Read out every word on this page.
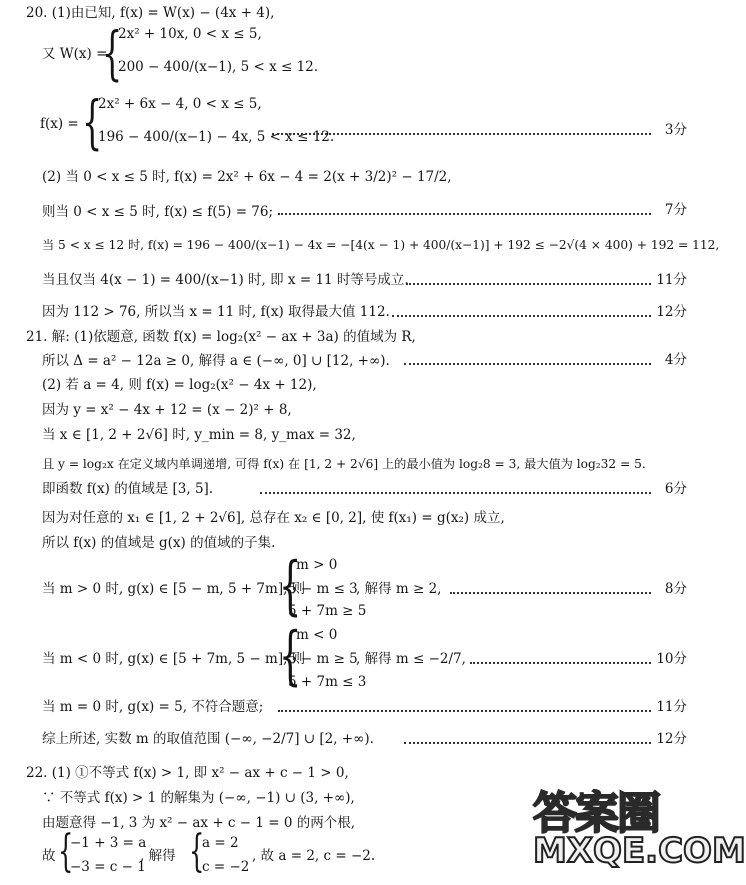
20. (1)由已知, f(x) = W(x) − (4x + 4),
又 W(x) =
{
2x² + 10x, 0 < x ≤ 5,
200 − 400/(x−1), 5 < x ≤ 12.
f(x) = {
2x² + 6x − 4, 0 < x ≤ 5,
196 − 400/(x−1) − 4x, 5 < x ≤ 12.	3分
(2) 当 0 < x ≤ 5 时, f(x) = 2x² + 6x − 4 = 2(x + 3/2)² − 17/2,
则当 0 < x ≤ 5 时, f(x) ≤ f(5) = 76;	7分
当 5 < x ≤ 12 时, f(x) = 196 − 400/(x−1) − 4x = −[4(x − 1) + 400/(x−1)] + 192 ≤ −2√(4 × 400) + 192 = 112,
当且仅当 4(x − 1) = 400/(x−1) 时, 即 x = 11 时等号成立.	11分
因为 112 > 76, 所以当 x = 11 时, f(x) 取得最大值 112.	12分
21. 解: (1)依题意, 函数 f(x) = log₂(x² − ax + 3a) 的值域为 R,
所以 Δ = a² − 12a ≥ 0, 解得 a ∈ (−∞, 0] ∪ [12, +∞).	4分
(2) 若 a = 4, 则 f(x) = log₂(x² − 4x + 12),
因为 y = x² − 4x + 12 = (x − 2)² + 8,
当 x ∈ [1, 2 + 2√6] 时, y_min = 8, y_max = 32,
且 y = log₂x 在定义域内单调递增, 可得 f(x) 在 [1, 2 + 2√6] 上的最小值为 log₂8 = 3, 最大值为 log₂32 = 5.
即函数 f(x) 的值域是 [3, 5].	6分
因为对任意的 x₁ ∈ [1, 2 + 2√6], 总存在 x₂ ∈ [0, 2], 使 f(x₁) = g(x₂) 成立,
所以 f(x) 的值域是 g(x) 的值域的子集.
当 m > 0 时, g(x) ∈ [5 − m, 5 + 7m], 则
{
m > 0
5 − m ≤ 3
5 + 7m ≥ 5
, 解得 m ≥ 2,	8分
当 m < 0 时, g(x) ∈ [5 + 7m, 5 − m], 则
{
m < 0
5 − m ≥ 5
5 + 7m ≤ 3
, 解得 m ≤ −2/7,	10分
当 m = 0 时, g(x) = 5, 不符合题意;	11分
综上所述, 实数 m 的取值范围 (−∞, −2/7] ∪ [2, +∞).	12分
22. (1) ①不等式 f(x) > 1, 即 x² − ax + c − 1 > 0,
∵ 不等式 f(x) > 1 的解集为 (−∞, −1) ∪ (3, +∞),
由题意得 −1, 3 为 x² − ax + c − 1 = 0 的两个根,
故 {
−1 + 3 = a
−3 = c − 1
, 解得 {
a = 2
c = −2
, 故 a = 2, c = −2.
答案圈
MXQE.COM
